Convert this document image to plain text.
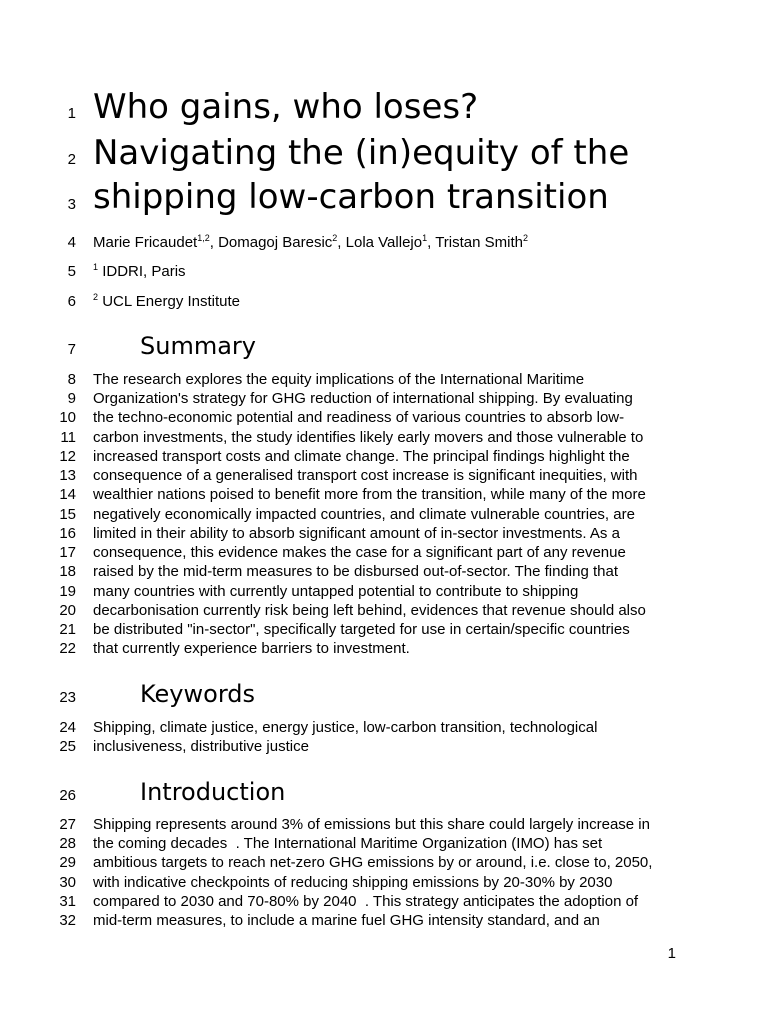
1 Who gains, who loses?
2 Navigating the (in)equity of the
3 shipping low-carbon transition
4 Marie Fricaudet$^{1,2}$, Domagoj Baresic$^2$, Lola Vallejo$^1$, Tristan Smith$^2$
5 $^1$ IDDRI, Paris
6 $^2$ UCL Energy Institute
7	Summary
8 The research explores the equity implications of the International Maritime
9 Organization's strategy for GHG reduction of international shipping. By evaluating
10 the techno-economic potential and readiness of various countries to absorb low-
11 carbon investments, the study identifies likely early movers and those vulnerable to
12 increased transport costs and climate change. The principal findings highlight the
13 consequence of a generalised transport cost increase is significant inequities, with
14 wealthier nations poised to benefit more from the transition, while many of the more
15 negatively economically impacted countries, and climate vulnerable countries, are
16 limited in their ability to absorb significant amount of in-sector investments. As a
17 consequence, this evidence makes the case for a significant part of any revenue
18 raised by the mid-term measures to be disbursed out-of-sector. The finding that
19 many countries with currently untapped potential to contribute to shipping
20 decarbonisation currently risk being left behind, evidences that revenue should also
21 be distributed "in-sector", specifically targeted for use in certain/specific countries
22 that currently experience barriers to investment.
23	Keywords
24 Shipping, climate justice, energy justice, low-carbon transition, technological
25 inclusiveness, distributive justice
26	Introduction
27 Shipping represents around 3% of emissions but this share could largely increase in
28 the coming decades  . The International Maritime Organization (IMO) has set
29 ambitious targets to reach net-zero GHG emissions by or around, i.e. close to, 2050,
30 with indicative checkpoints of reducing shipping emissions by 20-30% by 2030
31 compared to 2030 and 70-80% by 2040  . This strategy anticipates the adoption of
32 mid-term measures, to include a marine fuel GHG intensity standard, and an
1
